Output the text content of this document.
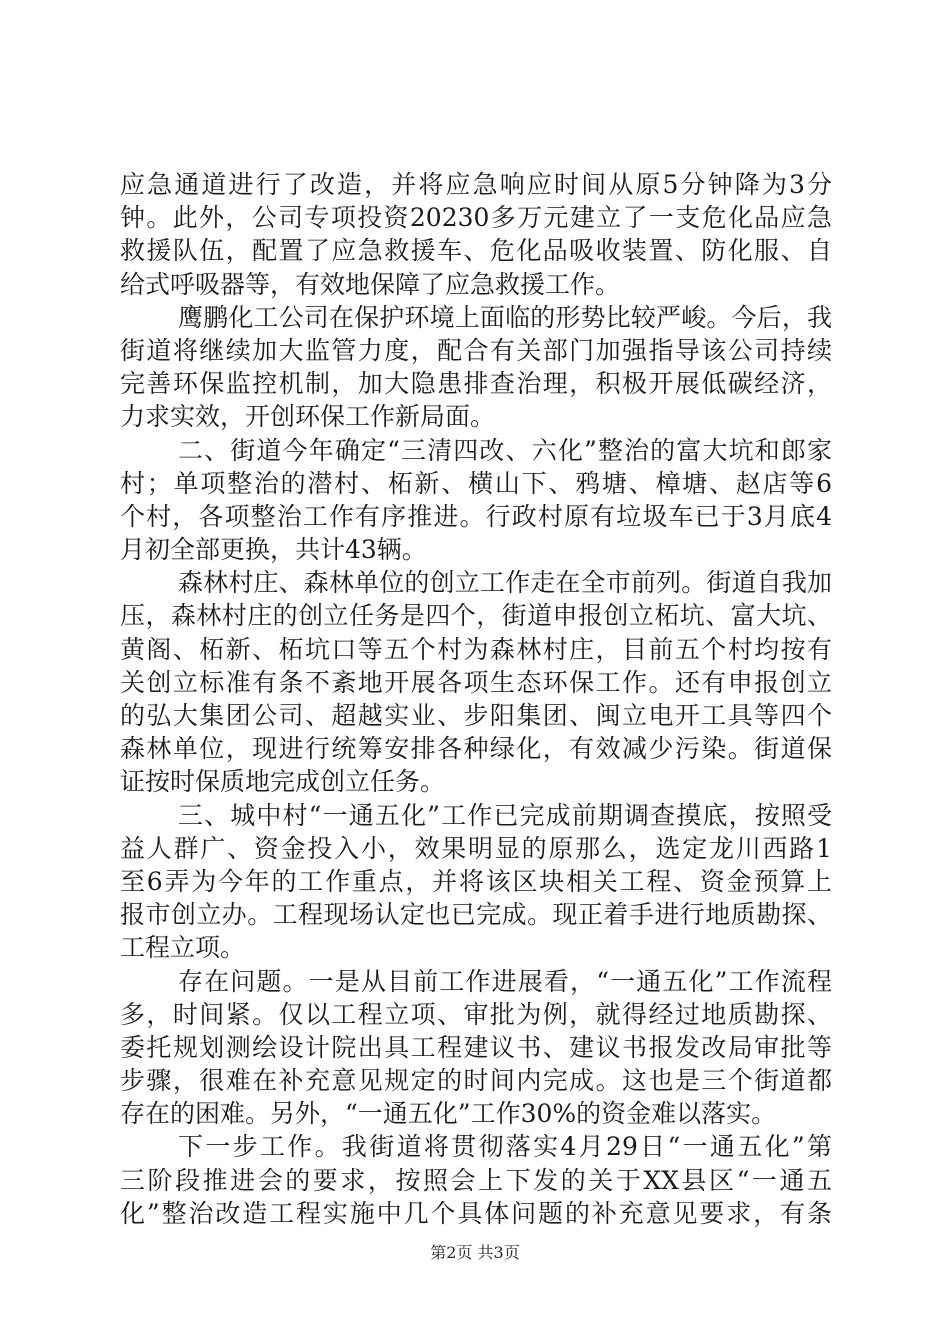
应急通道进行了改造，并将应急响应时间从原5分钟降为3分
钟。此外，公司专项投资20230多万元建立了一支危化品应急
救援队伍，配置了应急救援车、危化品吸收装置、防化服、自
给式呼吸器等，有效地保障了应急救援工作。
鹰鹏化工公司在保护环境上面临的形势比较严峻。今后，我
街道将继续加大监管力度，配合有关部门加强指导该公司持续
完善环保监控机制，加大隐患排查治理，积极开展低碳经济，
力求实效，开创环保工作新局面。
二、街道今年确定“三清四改、六化”整治的富大坑和郎家
村；单项整治的潜村、柘新、横山下、鸦塘、樟塘、赵店等6
个村，各项整治工作有序推进。行政村原有垃圾车已于3月底4
月初全部更换，共计43辆。
森林村庄、森林单位的创立工作走在全市前列。街道自我加
压，森林村庄的创立任务是四个，街道申报创立柘坑、富大坑、
黄阁、柘新、柘坑口等五个村为森林村庄，目前五个村均按有
关创立标准有条不紊地开展各项生态环保工作。还有申报创立
的弘大集团公司、超越实业、步阳集团、闽立电开工具等四个
森林单位，现进行统筹安排各种绿化，有效减少污染。街道保
证按时保质地完成创立任务。
三、城中村“一通五化”工作已完成前期调查摸底，按照受
益人群广、资金投入小，效果明显的原那么，选定龙川西路1
至6弄为今年的工作重点，并将该区块相关工程、资金预算上
报市创立办。工程现场认定也已完成。现正着手进行地质勘探、
工程立项。
存在问题。一是从目前工作进展看，“一通五化”工作流程
多，时间紧。仅以工程立项、审批为例，就得经过地质勘探、
委托规划测绘设计院出具工程建议书、建议书报发改局审批等
步骤，很难在补充意见规定的时间内完成。这也是三个街道都
存在的困难。另外，“一通五化”工作30%的资金难以落实。
下一步工作。我街道将贯彻落实4月29日“一通五化”第
三阶段推进会的要求，按照会上下发的关于XX县区“一通五
化”整治改造工程实施中几个具体问题的补充意见要求，有条
第2页 共3页
